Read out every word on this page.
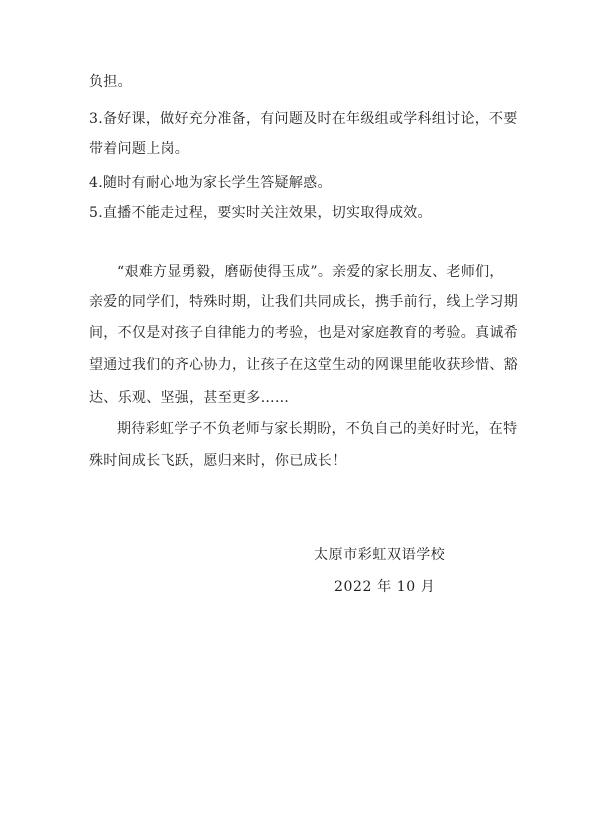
负担。
3.备好课，做好充分准备，有问题及时在年级组或学科组讨论，不要
带着问题上岗。
4.随时有耐心地为家长学生答疑解惑。
5.直播不能走过程，要实时关注效果，切实取得成效。
“艰难方显勇毅，磨砺使得玉成”。亲爱的家长朋友、老师们，
亲爱的同学们，特殊时期，让我们共同成长，携手前行，线上学习期
间，不仅是对孩子自律能力的考验，也是对家庭教育的考验。真诚希
望通过我们的齐心协力，让孩子在这堂生动的网课里能收获珍惜、豁
达、乐观、坚强，甚至更多……
期待彩虹学子不负老师与家长期盼，不负自己的美好时光，在特
殊时间成长飞跃，愿归来时，你已成长！
太原市彩虹双语学校
2022 年 10 月
